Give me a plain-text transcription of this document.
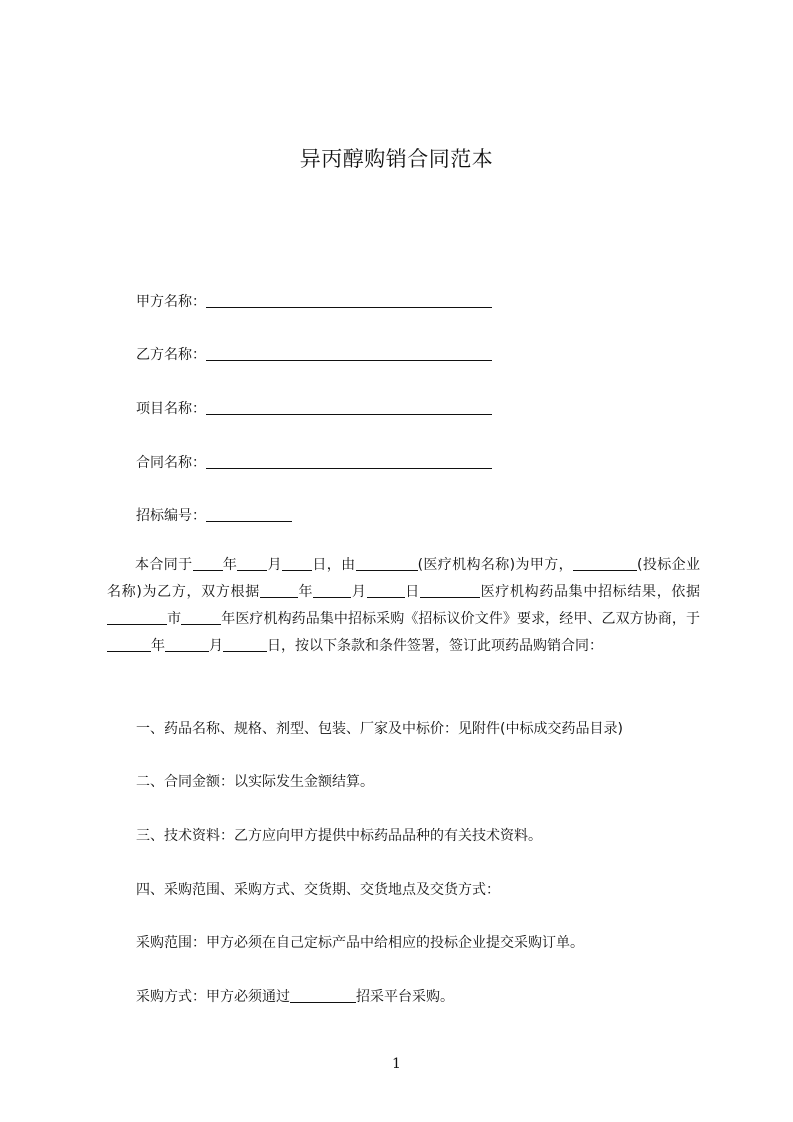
异丙醇购销合同范本
甲方名称：
乙方名称：
项目名称：
合同名称：
招标编号：
本合同于 年 月 日，由	(医疗机构名称)为甲方，	(投标企业名称)为乙方，双方根据	年	月	日	医疗机构药品集中招标结果，依据市	年医疗机构药品集中招标采购《招标议价文件》要求，经甲、乙双方协商，于年	月	日，按以下条款和条件签署，签订此项药品购销合同：
一、药品名称、规格、剂型、包装、厂家及中标价：见附件(中标成交药品目录)
二、合同金额：以实际发生金额结算。
三、技术资料：乙方应向甲方提供中标药品品种的有关技术资料。
四、采购范围、采购方式、交货期、交货地点及交货方式：
采购范围：甲方必须在自己定标产品中给相应的投标企业提交采购订单。
采购方式：甲方必须通过	招采平台采购。
1
